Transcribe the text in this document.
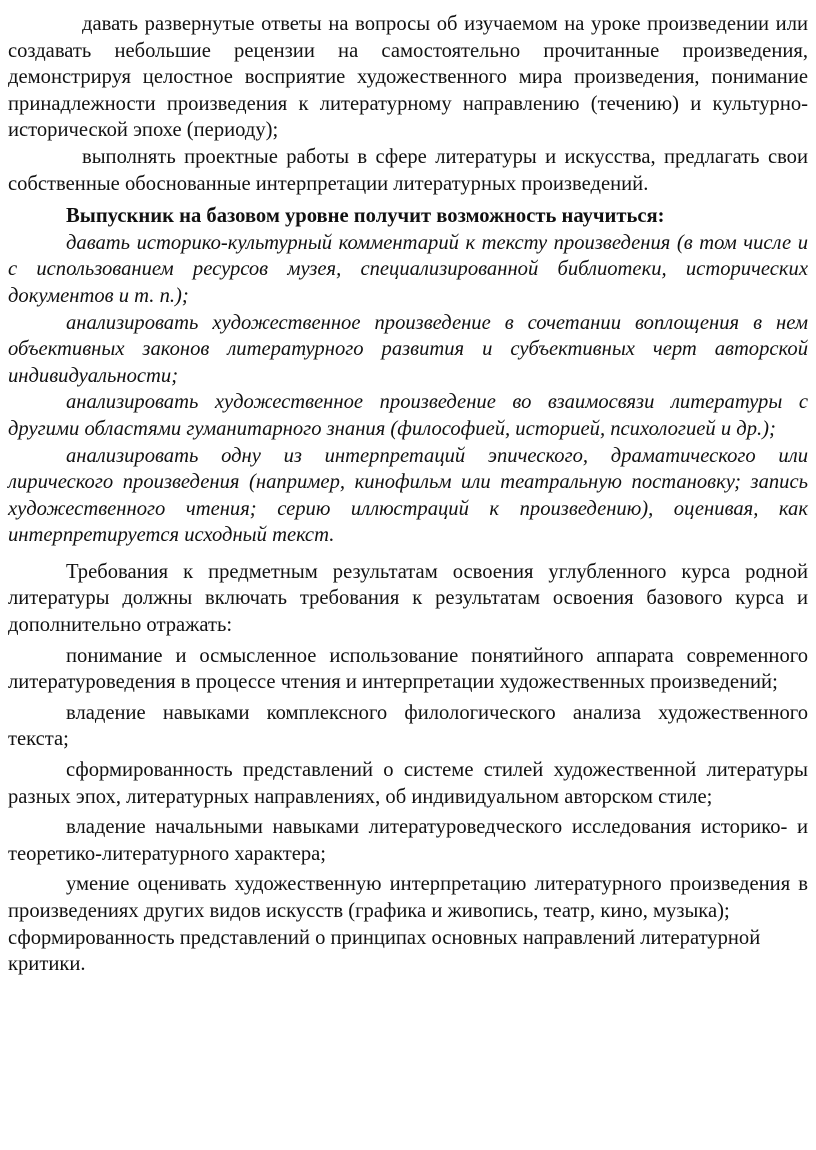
давать развернутые ответы на вопросы об изучаемом на уроке произведении или создавать небольшие рецензии на самостоятельно прочитанные произведения, демонстрируя целостное восприятие художественного мира произведения, понимание принадлежности произведения к литературному направлению (течению) и культурно-исторической эпохе (периоду);

выполнять проектные работы в сфере литературы и искусства, предлагать свои собственные обоснованные интерпретации литературных произведений.

Выпускник на базовом уровне получит возможность научиться:

давать историко-культурный комментарий к тексту произведения (в том числе и с использованием ресурсов музея, специализированной библиотеки, исторических документов и т. п.);

анализировать художественное произведение в сочетании воплощения в нем объективных законов литературного развития и субъективных черт авторской индивидуальности;

анализировать художественное произведение во взаимосвязи литературы с другими областями гуманитарного знания (философией, историей, психологией и др.);

анализировать одну из интерпретаций эпического, драматического или лирического произведения (например, кинофильм или театральную постановку; запись художественного чтения; серию иллюстраций к произведению), оценивая, как интерпретируется исходный текст.

Требования к предметным результатам освоения углубленного курса родной литературы должны включать требования к результатам освоения базового курса и дополнительно отражать:

понимание и осмысленное использование понятийного аппарата современного литературоведения в процессе чтения и интерпретации художественных произведений;

владение навыками комплексного филологического анализа художественного текста;

сформированность представлений о системе стилей художественной литературы разных эпох, литературных направлениях, об индивидуальном авторском стиле;

владение начальными навыками литературоведческого исследования историко- и теоретико-литературного характера;

умение оценивать художественную интерпретацию литературного произведения в произведениях других видов искусств (графика и живопись, театр, кино, музыка);

сформированность представлений о принципах основных направлений литературной критики.
